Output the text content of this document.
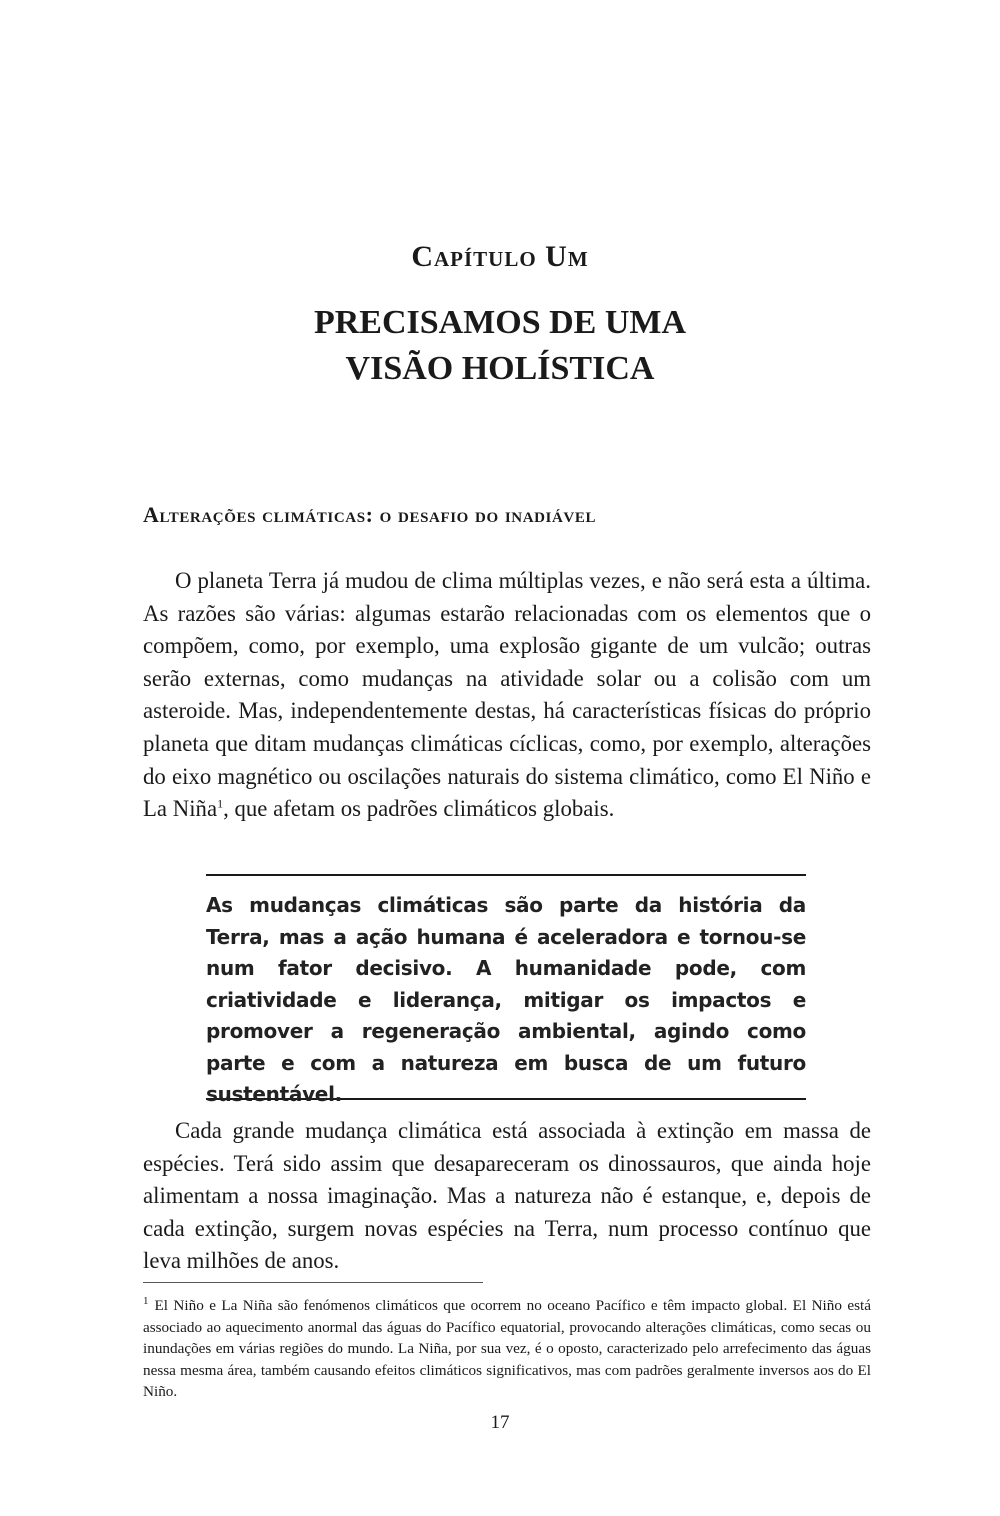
Capítulo Um
PRECISAMOS DE UMA
VISÃO HOLÍSTICA
Alterações climáticas: o desafio do inadiável

O planeta Terra já mudou de clima múltiplas vezes, e não será esta a última. As razões são várias: algumas estarão relacionadas com os elementos que o compõem, como, por exemplo, uma explosão gigante de um vulcão; outras serão externas, como mudanças na atividade solar ou a colisão com um asteroide. Mas, independentemente destas, há características físicas do próprio planeta que ditam mudanças climáticas cíclicas, como, por exemplo, alterações do eixo magnético ou oscilações naturais do sistema climático, como El Niño e La Niña$^1$, que afetam os padrões climáticos globais.

As mudanças climáticas são parte da história da Terra, mas a ação humana é aceleradora e tornou-se num fator decisivo. A humanidade pode, com criatividade e liderança, mitigar os impactos e promover a regeneração ambiental, agindo como parte e com a natureza em busca de um futuro sustentável.

Cada grande mudança climática está associada à extinção em massa de espécies. Terá sido assim que desapareceram os dinossauros, que ainda hoje alimentam a nossa imaginação. Mas a natureza não é estanque, e, depois de cada extinção, surgem novas espécies na Terra, num processo contínuo que leva milhões de anos.

$^1$ El Niño e La Niña são fenómenos climáticos que ocorrem no oceano Pacífico e têm impacto global. El Niño está associado ao aquecimento anormal das águas do Pacífico equatorial, provocando alterações climáticas, como secas ou inundações em várias regiões do mundo. La Niña, por sua vez, é o oposto, caracterizado pelo arrefecimento das águas nessa mesma área, também causando efeitos climáticos significativos, mas com padrões geralmente inversos aos do El Niño.

17
